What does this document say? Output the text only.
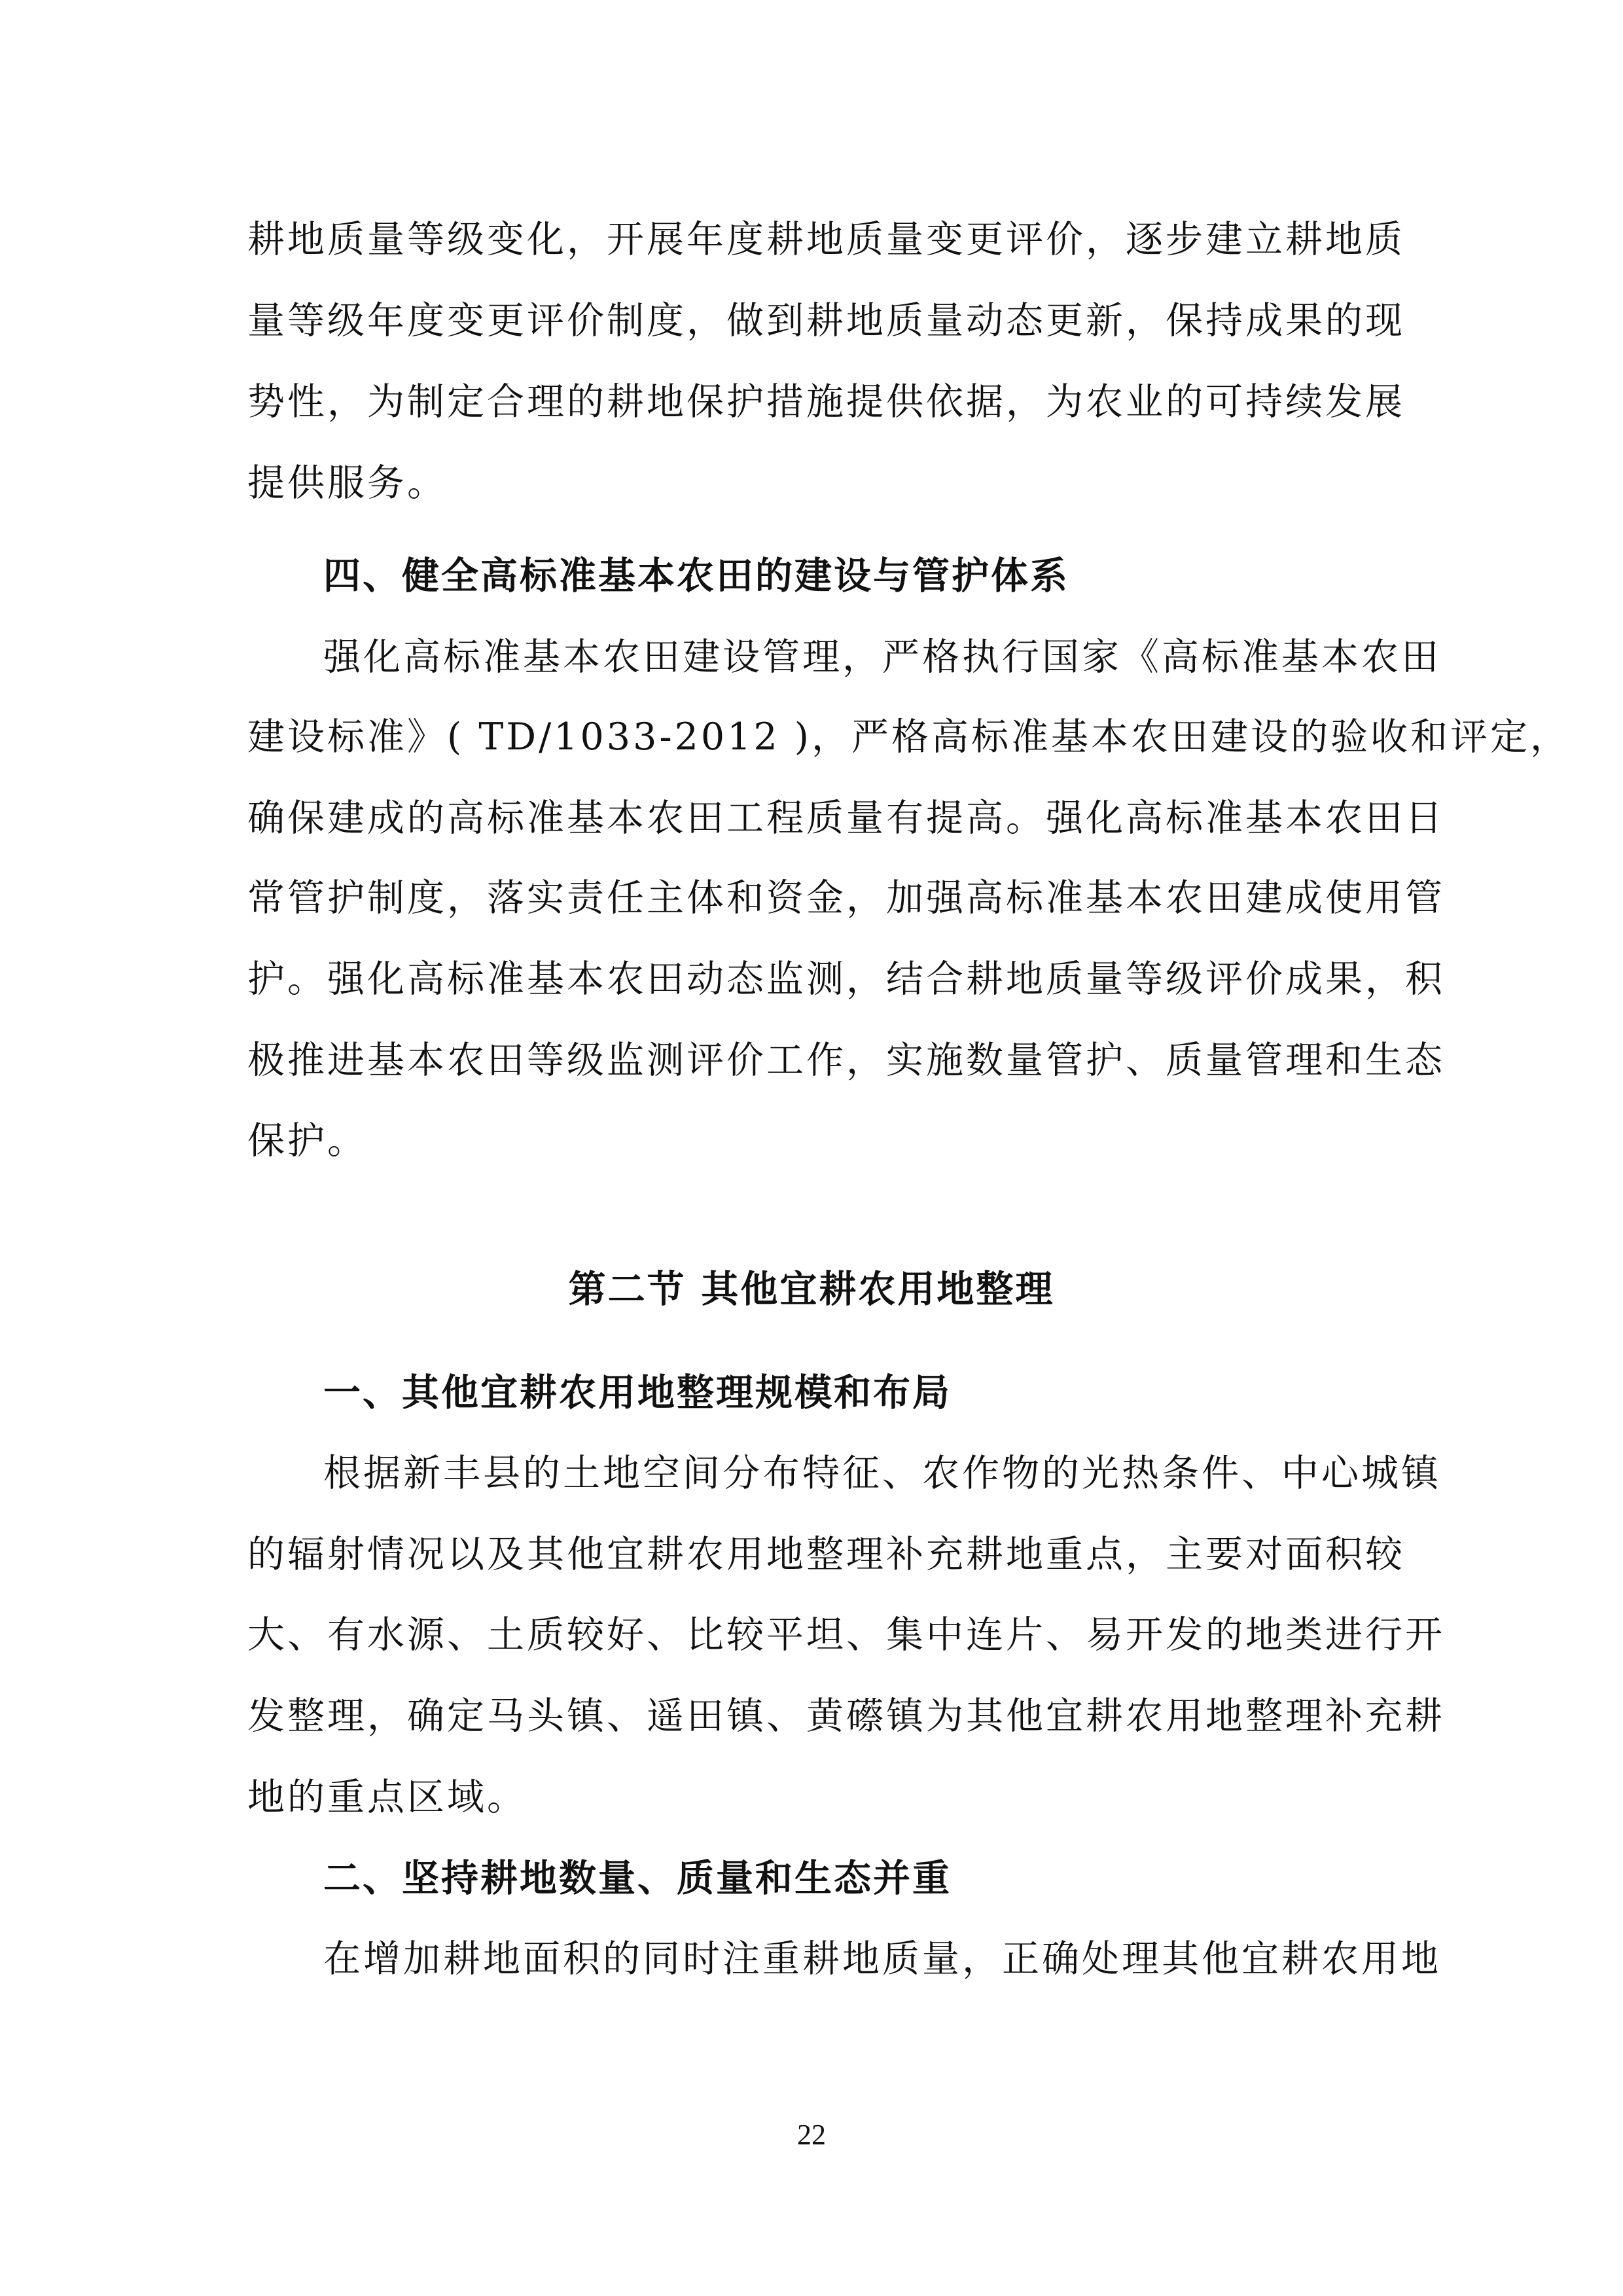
耕地质量等级变化，开展年度耕地质量变更评价，逐步建立耕地质
量等级年度变更评价制度，做到耕地质量动态更新，保持成果的现
势性，为制定合理的耕地保护措施提供依据，为农业的可持续发展
提供服务。
四、健全高标准基本农田的建设与管护体系
强化高标准基本农田建设管理，严格执行国家《高标准基本农田
建设标准》( TD/1033-2012 )，严格高标准基本农田建设的验收和评定，
确保建成的高标准基本农田工程质量有提高。强化高标准基本农田日
常管护制度，落实责任主体和资金，加强高标准基本农田建成使用管
护。强化高标准基本农田动态监测，结合耕地质量等级评价成果，积
极推进基本农田等级监测评价工作，实施数量管护、质量管理和生态
保护。
第二节 其他宜耕农用地整理
一、其他宜耕农用地整理规模和布局
根据新丰县的土地空间分布特征、农作物的光热条件、中心城镇
的辐射情况以及其他宜耕农用地整理补充耕地重点，主要对面积较
大、有水源、土质较好、比较平坦、集中连片、易开发的地类进行开
发整理，确定马头镇、遥田镇、黄礤镇为其他宜耕农用地整理补充耕
地的重点区域。
二、坚持耕地数量、质量和生态并重
在增加耕地面积的同时注重耕地质量，正确处理其他宜耕农用地
22
